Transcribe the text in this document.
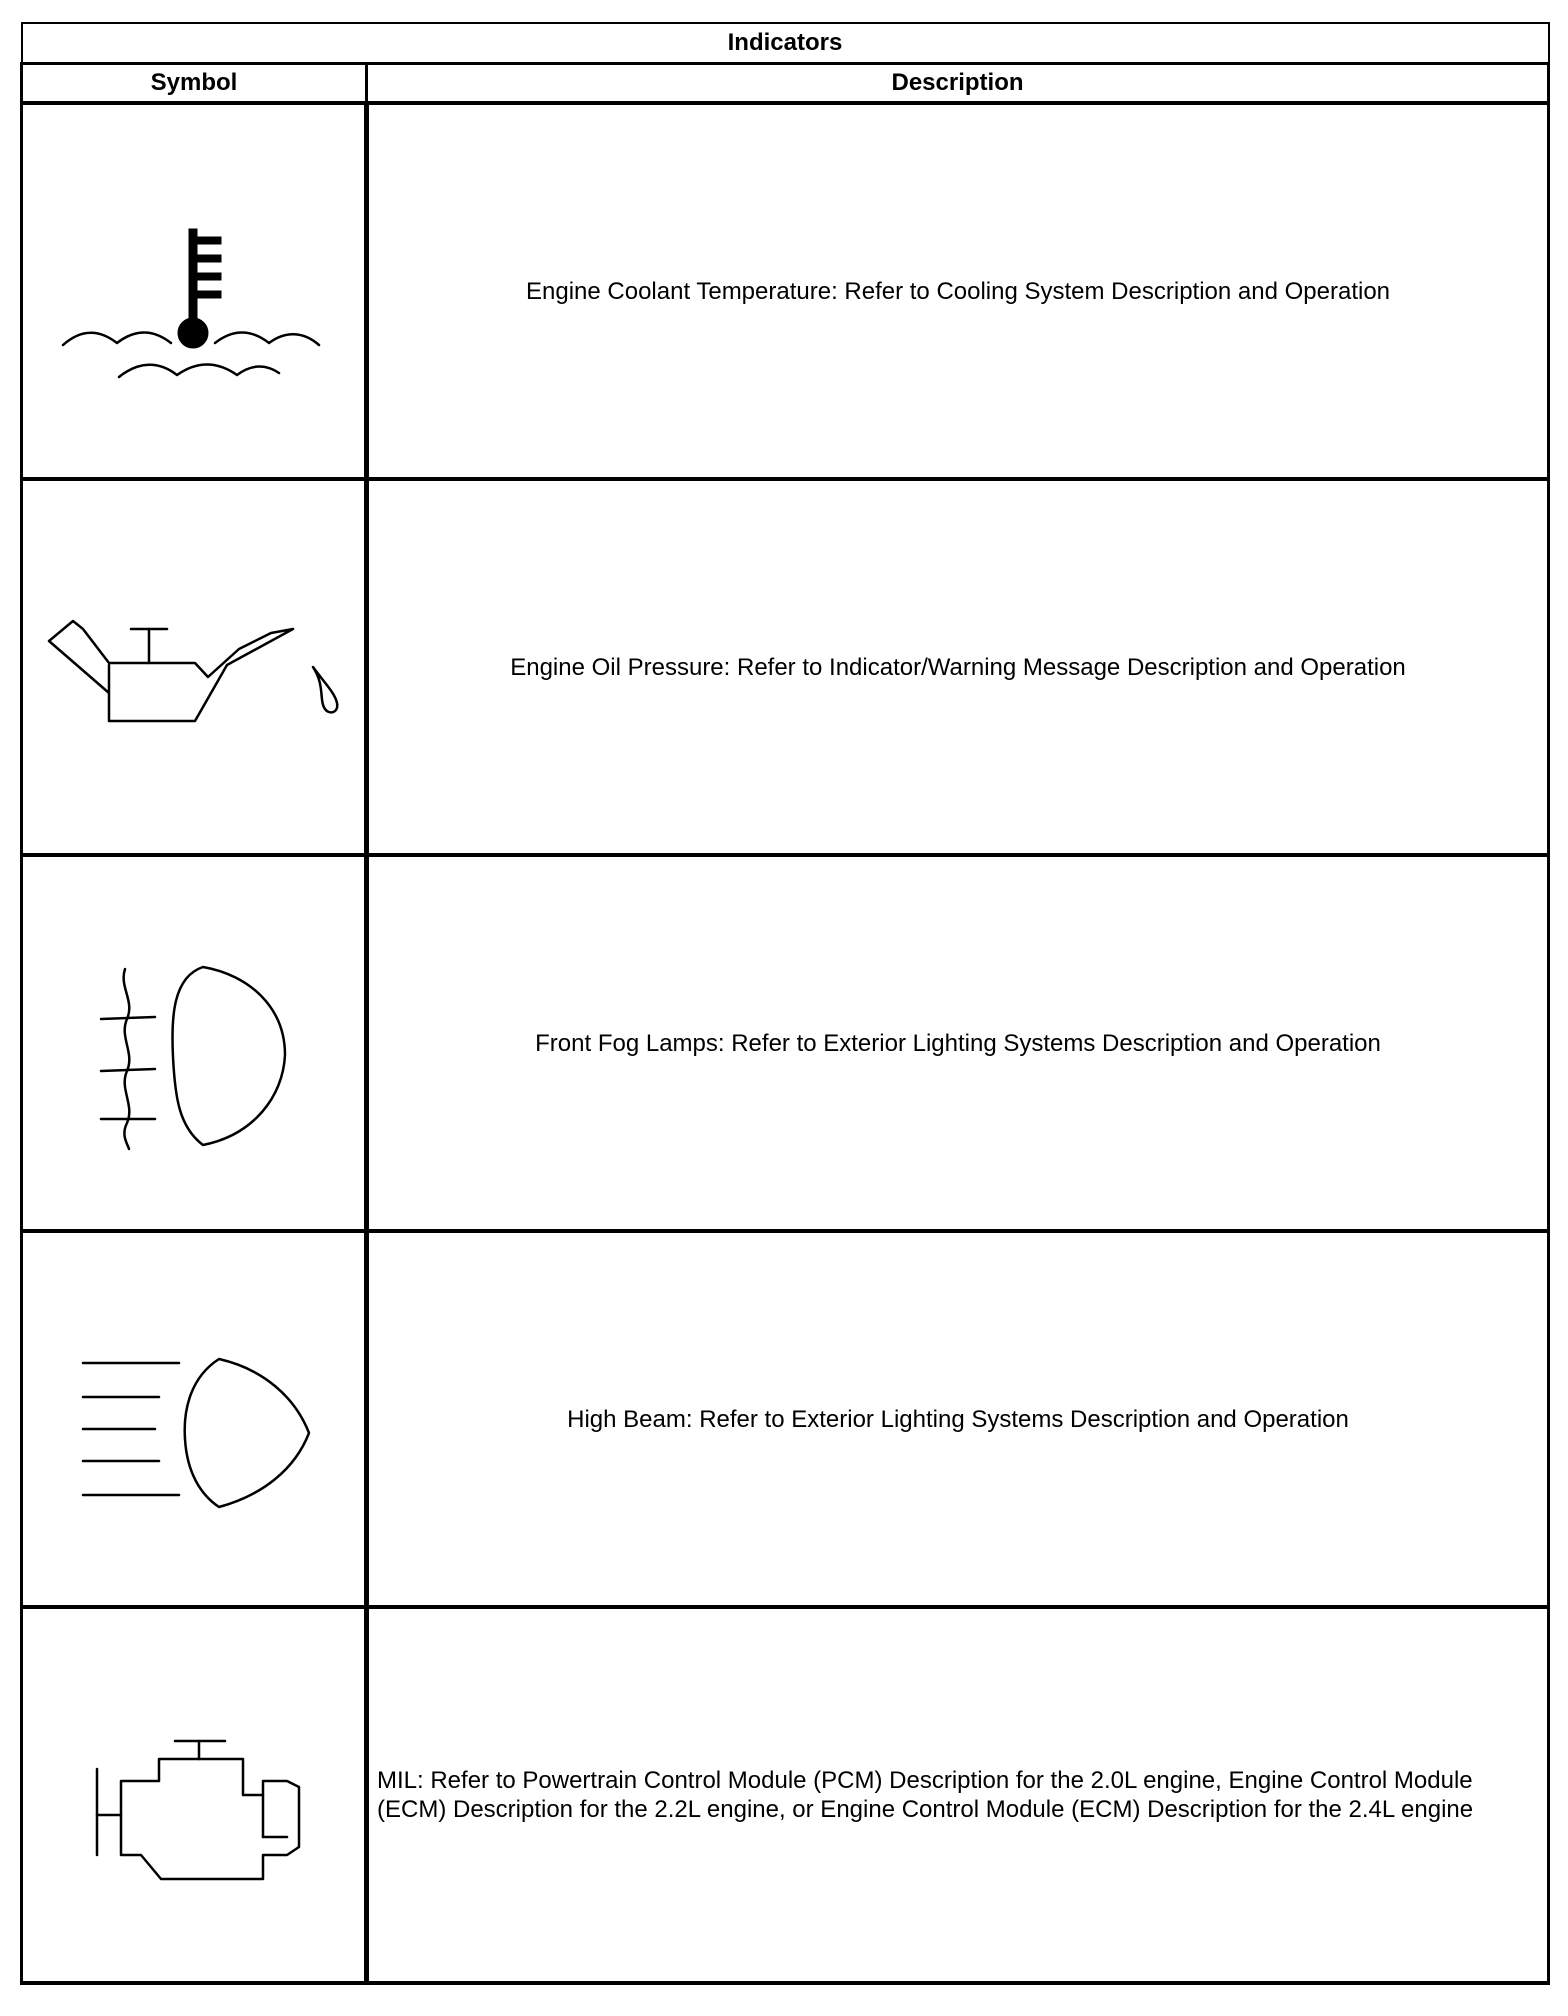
Indicators	
Symbol	Description

	Engine Coolant Temperature: Refer to Cooling System Description and Operation

	Engine Oil Pressure: Refer to Indicator/Warning Message Description and Operation

	Front Fog Lamps: Refer to Exterior Lighting Systems Description and Operation

	High Beam: Refer to Exterior Lighting Systems Description and Operation

	MIL: Refer to Powertrain Control Module (PCM) Description for the 2.0L engine, Engine Control Module (ECM) Description for the 2.2L engine, or Engine Control Module (ECM) Description for the 2.4L engine
